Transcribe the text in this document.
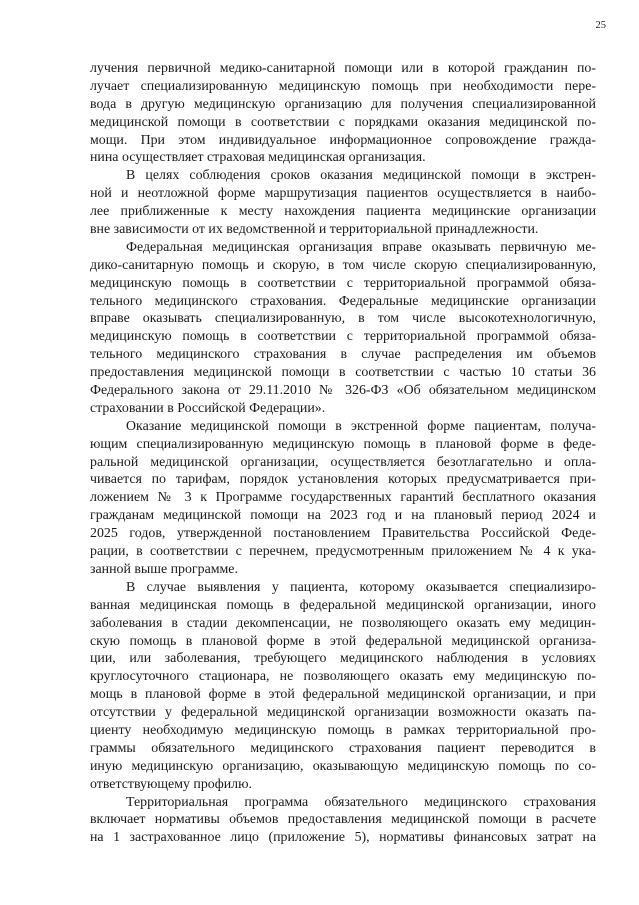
25
лучения первичной медико-санитарной помощи или в которой гражданин по-
лучает специализированную медицинскую помощь при необходимости пере-
вода в другую медицинскую организацию для получения специализированной
медицинской помощи в соответствии с порядками оказания медицинской по-
мощи. При этом индивидуальное информационное сопровождение гражда-
нина осуществляет страховая медицинская организация.
В целях соблюдения сроков оказания медицинской помощи в экстрен-
ной и неотложной форме маршрутизация пациентов осуществляется в наибо-
лее приближенные к месту нахождения пациента медицинские организации
вне зависимости от их ведомственной и территориальной принадлежности.
Федеральная медицинская организация вправе оказывать первичную ме-
дико-санитарную помощь и скорую, в том числе скорую специализированную,
медицинскую помощь в соответствии с территориальной программой обяза-
тельного медицинского страхования. Федеральные медицинские организации
вправе оказывать специализированную, в том числе высокотехнологичную,
медицинскую помощь в соответствии с территориальной программой обяза-
тельного медицинского страхования в случае распределения им объемов
предоставления медицинской помощи в соответствии с частью 10 статьи 36
Федерального закона от 29.11.2010 № 326-ФЗ «Об обязательном медицинском
страховании в Российской Федерации».
Оказание медицинской помощи в экстренной форме пациентам, получа-
ющим специализированную медицинскую помощь в плановой форме в феде-
ральной медицинской организации, осуществляется безотлагательно и опла-
чивается по тарифам, порядок установления которых предусматривается при-
ложением № 3 к Программе государственных гарантий бесплатного оказания
гражданам медицинской помощи на 2023 год и на плановый период 2024 и
2025 годов, утвержденной постановлением Правительства Российской Феде-
рации, в соответствии с перечнем, предусмотренным приложением № 4 к ука-
занной выше программе.
В случае выявления у пациента, которому оказывается специализиро-
ванная медицинская помощь в федеральной медицинской организации, иного
заболевания в стадии декомпенсации, не позволяющего оказать ему медицин-
скую помощь в плановой форме в этой федеральной медицинской организа-
ции, или заболевания, требующего медицинского наблюдения в условиях
круглосуточного стационара, не позволяющего оказать ему медицинскую по-
мощь в плановой форме в этой федеральной медицинской организации, и при
отсутствии у федеральной медицинской организации возможности оказать па-
циенту необходимую медицинскую помощь в рамках территориальной про-
граммы обязательного медицинского страхования пациент переводится в
иную медицинскую организацию, оказывающую медицинскую помощь по со-
ответствующему профилю.
Территориальная программа обязательного медицинского страхования
включает нормативы объемов предоставления медицинской помощи в расчете
на 1 застрахованное лицо (приложение 5), нормативы финансовых затрат на
